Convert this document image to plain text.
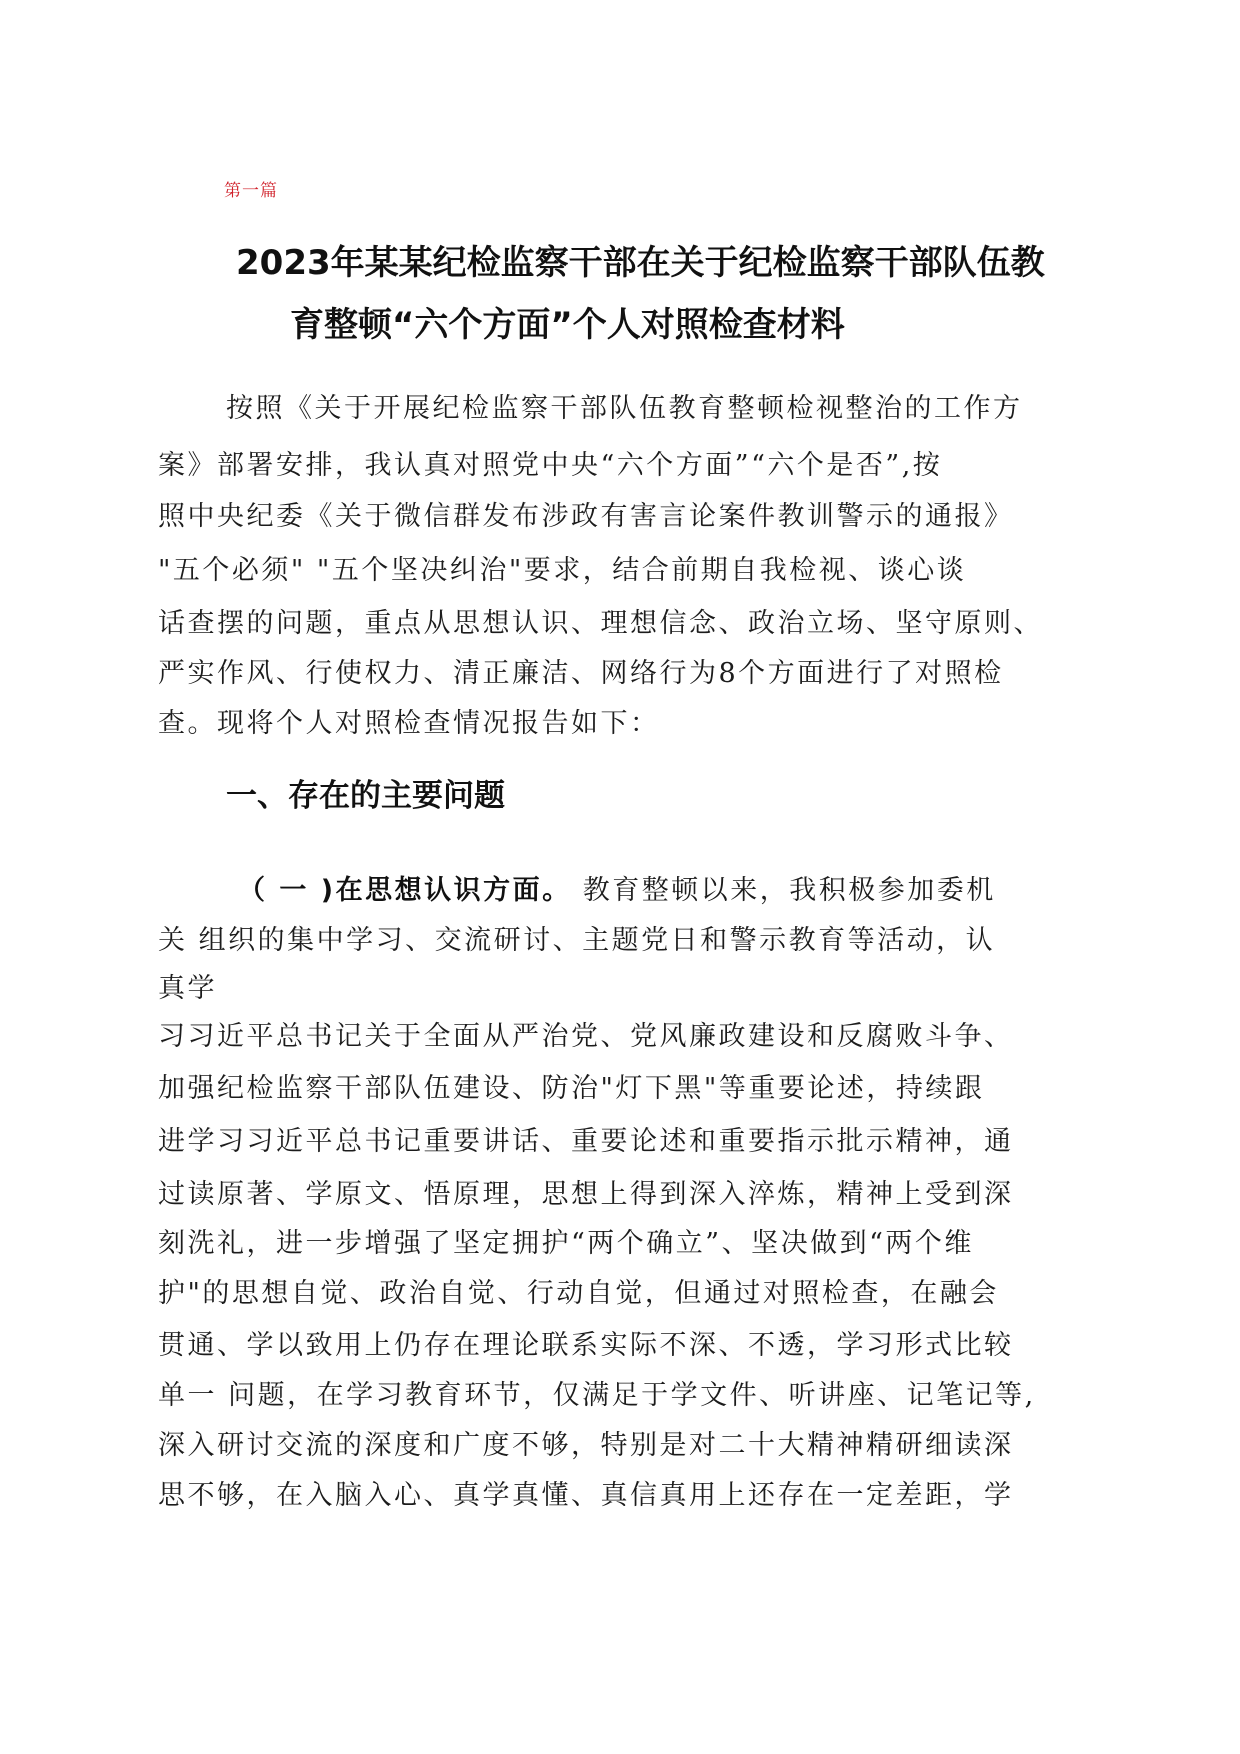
第一篇
2023年某某纪检监察干部在关于纪检监察干部队伍教
育整顿“六个方面”个人对照检查材料
按照《关于开展纪检监察干部队伍教育整顿检视整治的工作方
案》部署安排，我认真对照党中央“六个方面”“六个是否”,按
照中央纪委《关于微信群发布涉政有害言论案件教训警示的通报》
"五个必须" "五个坚决纠治"要求，结合前期自我检视、谈心谈
话查摆的问题，重点从思想认识、理想信念、政治立场、坚守原则、
严实作风、行使权力、清正廉洁、网络行为8个方面进行了对照检
查。现将个人对照检查情况报告如下：
一、存在的主要问题
（ 一 )在思想认识方面。 教育整顿以来，我积极参加委机
关 组织的集中学习、交流研讨、主题党日和警示教育等活动，认
真学
习习近平总书记关于全面从严治党、党风廉政建设和反腐败斗争、
加强纪检监察干部队伍建设、防治"灯下黑"等重要论述，持续跟
进学习习近平总书记重要讲话、重要论述和重要指示批示精神，通
过读原著、学原文、悟原理，思想上得到深入淬炼，精神上受到深
刻洗礼，进一步增强了坚定拥护“两个确立”、坚决做到“两个维
护"的思想自觉、政治自觉、行动自觉，但通过对照检查，在融会
贯通、学以致用上仍存在理论联系实际不深、不透，学习形式比较
单一 问题，在学习教育环节，仅满足于学文件、听讲座、记笔记等,
深入研讨交流的深度和广度不够，特别是对二十大精神精研细读深
思不够，在入脑入心、真学真懂、真信真用上还存在一定差距，学
